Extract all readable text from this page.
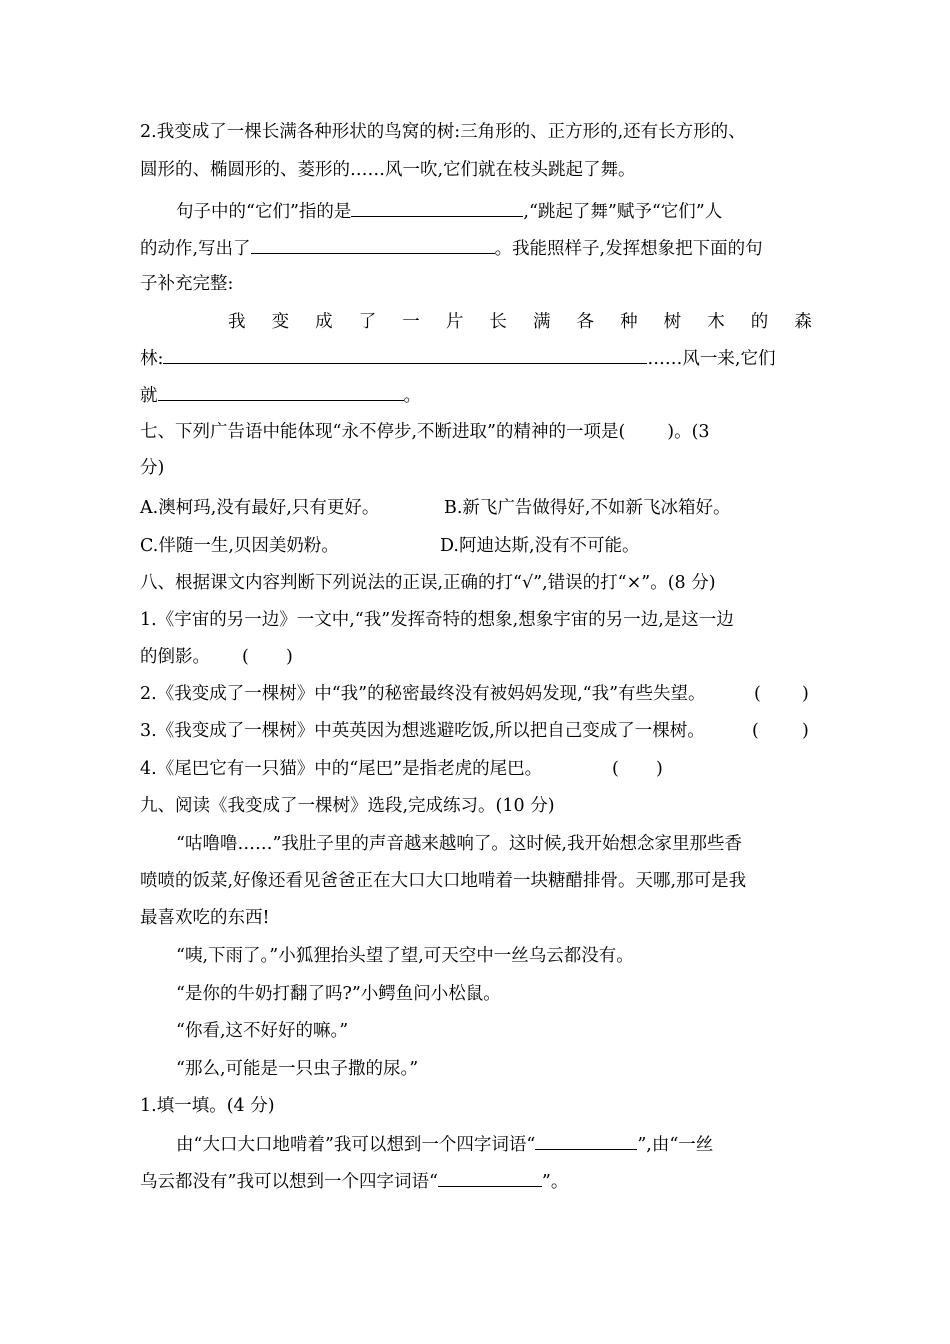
2.我变成了一棵长满各种形状的鸟窝的树:三角形的、正方形的,还有长方形的、
圆形的、椭圆形的、菱形的……风一吹,它们就在枝头跳起了舞。
句子中的“它们”指的是	,“跳起了舞”赋予“它们”人
的动作,写出了	。我能照样子,发挥想象把下面的句
子补充完整:
我 变 成 了 一 片 长 满 各 种 树 木 的 森
林:	……风一来,它们
就	。
七、下列广告语中能体现“永不停步,不断进取”的精神的一项是( )。(3
分)
A.澳柯玛,没有最好,只有更好。	B.新飞广告做得好,不如新飞冰箱好。
C.伴随一生,贝因美奶粉。	D.阿迪达斯,没有不可能。
八、根据课文内容判断下列说法的正误,正确的打“√”,错误的打“×”。(8 分)
1.《宇宙的另一边》一文中,“我”发挥奇特的想象,想象宇宙的另一边,是这一边
的倒影。 ( )
2.《我变成了一棵树》中“我”的秘密最终没有被妈妈发现,“我”有些失望。	( )
3.《我变成了一棵树》中英英因为想逃避吃饭,所以把自己变成了一棵树。	( )
4.《尾巴它有一只猫》中的“尾巴”是指老虎的尾巴。	( )
九、阅读《我变成了一棵树》选段,完成练习。(10 分)
“咕噜噜……”我肚子里的声音越来越响了。这时候,我开始想念家里那些香
喷喷的饭菜,好像还看见爸爸正在大口大口地啃着一块糖醋排骨。天哪,那可是我
最喜欢吃的东西!
“咦,下雨了。”小狐狸抬头望了望,可天空中一丝乌云都没有。
“是你的牛奶打翻了吗?”小鳄鱼问小松鼠。
“你看,这不好好的嘛。”
“那么,可能是一只虫子撒的尿。”
1.填一填。(4 分)
由“大口大口地啃着”我可以想到一个四字词语“	”,由“一丝
乌云都没有”我可以想到一个四字词语“	”。
